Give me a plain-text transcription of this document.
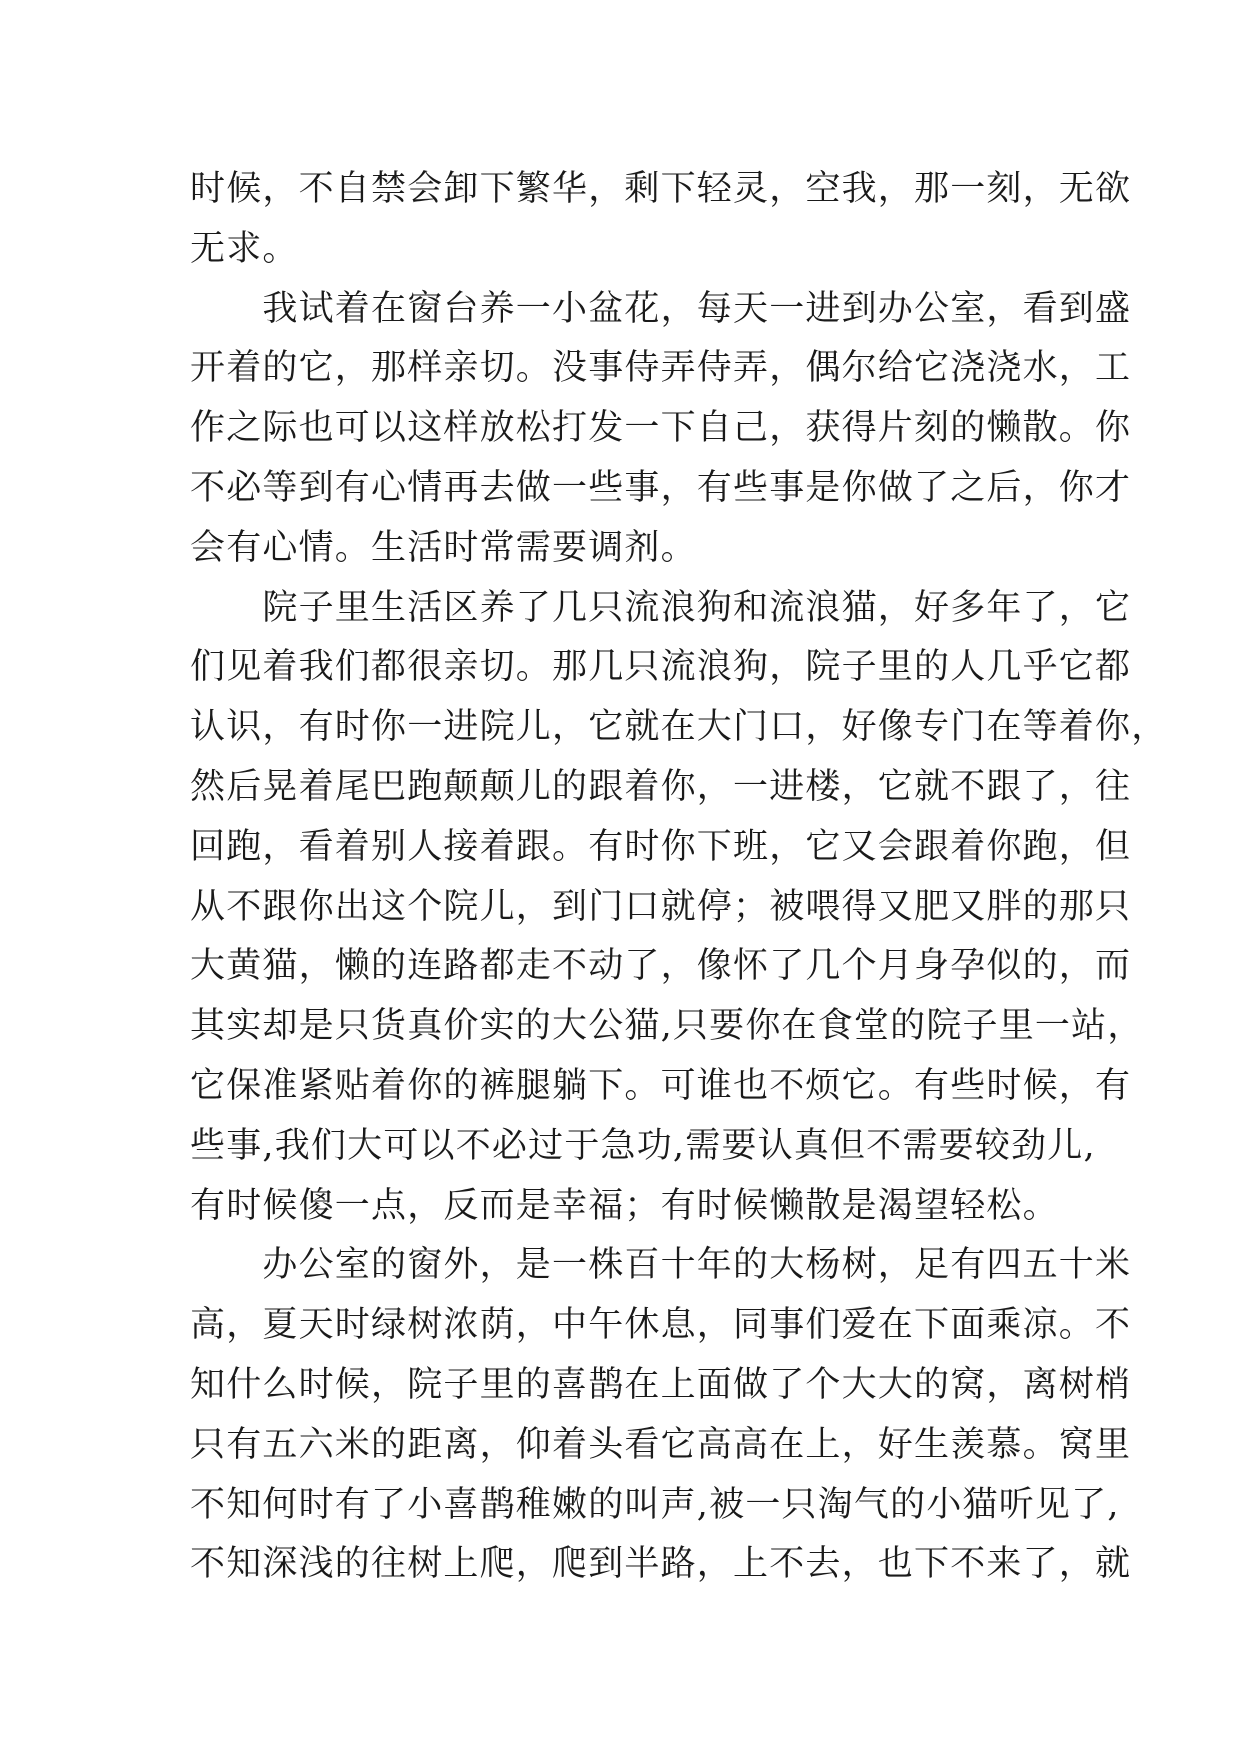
时候，不自禁会卸下繁华，剩下轻灵，空我，那一刻，无欲
无求。
　　我试着在窗台养一小盆花，每天一进到办公室，看到盛
开着的它，那样亲切。没事侍弄侍弄，偶尔给它浇浇水，工
作之际也可以这样放松打发一下自己，获得片刻的懒散。你
不必等到有心情再去做一些事，有些事是你做了之后，你才
会有心情。生活时常需要调剂。
　　院子里生活区养了几只流浪狗和流浪猫，好多年了，它
们见着我们都很亲切。那几只流浪狗，院子里的人几乎它都
认识，有时你一进院儿，它就在大门口，好像专门在等着你，
然后晃着尾巴跑颠颠儿的跟着你，一进楼，它就不跟了，往
回跑，看着别人接着跟。有时你下班，它又会跟着你跑，但
从不跟你出这个院儿，到门口就停；被喂得又肥又胖的那只
大黄猫，懒的连路都走不动了，像怀了几个月身孕似的，而
其实却是只货真价实的大公猫,只要你在食堂的院子里一站，
它保准紧贴着你的裤腿躺下。可谁也不烦它。有些时候，有
些事,我们大可以不必过于急功,需要认真但不需要较劲儿,
有时候傻一点，反而是幸福；有时候懒散是渴望轻松。
　　办公室的窗外，是一株百十年的大杨树，足有四五十米
高，夏天时绿树浓荫，中午休息，同事们爱在下面乘凉。不
知什么时候，院子里的喜鹊在上面做了个大大的窝，离树梢
只有五六米的距离，仰着头看它高高在上，好生羡慕。窝里
不知何时有了小喜鹊稚嫩的叫声,被一只淘气的小猫听见了,
不知深浅的往树上爬，爬到半路，上不去，也下不来了，就
